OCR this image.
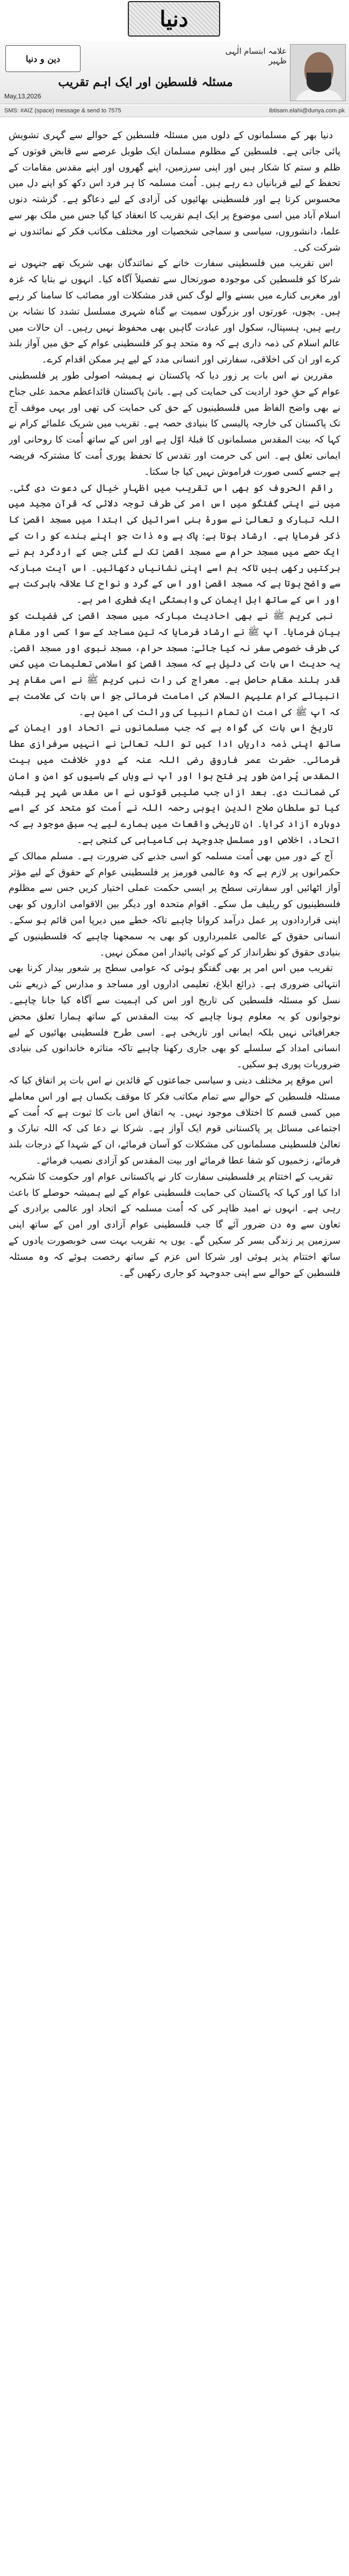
دنیا
علامہ ابتسام الٰہی ظہیر
دین و دنیا
مسئلہ فلسطین اور ایک اہم تقریب
May,13,2026
SMS: #AIZ (space) message & send to 7575	ibtisam.elahi@dunya.com.pk

دنیا بھر کے مسلمانوں کے دلوں میں مسئلہ فلسطین کے حوالے سے گہری تشویش پائی جاتی ہے۔ فلسطین کے مظلوم مسلمان ایک طویل عرصے سے قابض قوتوں کے ظلم و ستم کا شکار ہیں اور اپنی سرزمین، اپنے گھروں اور اپنے مقدس مقامات کے تحفظ کے لیے قربانیاں دے رہے ہیں۔ اُمت مسلمہ کا ہر فرد اس دکھ کو اپنے دل میں محسوس کرتا ہے اور فلسطینی بھائیوں کی آزادی کے لیے دعاگو ہے۔ گزشتہ دنوں اسلام آباد میں اسی موضوع پر ایک اہم تقریب کا انعقاد کیا گیا جس میں ملک بھر سے علما، دانشوروں، سیاسی و سماجی شخصیات اور مختلف مکاتب فکر کے نمائندوں نے شرکت کی۔

اس تقریب میں فلسطینی سفارت خانے کے نمائندگان بھی شریک تھے جنہوں نے شرکا کو فلسطین کی موجودہ صورتحال سے تفصیلاً آگاہ کیا۔ انہوں نے بتایا کہ غزہ اور مغربی کنارے میں بسنے والے لوگ کس قدر مشکلات اور مصائب کا سامنا کر رہے ہیں۔ بچوں، عورتوں اور بزرگوں سمیت بے گناہ شہری مسلسل تشدد کا نشانہ بن رہے ہیں، ہسپتال، سکول اور عبادت گاہیں بھی محفوظ نہیں رہیں۔ ان حالات میں عالم اسلام کی ذمہ داری ہے کہ وہ متحد ہو کر فلسطینی عوام کے حق میں آواز بلند کرے اور ان کی اخلاقی، سفارتی اور انسانی مدد کے لیے ہر ممکن اقدام کرے۔

مقررین نے اس بات پر زور دیا کہ پاکستان نے ہمیشہ اصولی طور پر فلسطینی عوام کے حقِ خود ارادیت کی حمایت کی ہے۔ بانیٔ پاکستان قائداعظم محمد علی جناح نے بھی واضح الفاظ میں فلسطینیوں کے حق کی حمایت کی تھی اور یہی موقف آج تک پاکستان کی خارجہ پالیسی کا بنیادی حصہ ہے۔ تقریب میں شریک علمائے کرام نے کہا کہ بیت المقدس مسلمانوں کا قبلۂ اوّل ہے اور اس کے ساتھ اُمت کا روحانی اور ایمانی تعلق ہے۔ اس کی حرمت اور تقدس کا تحفظ پوری اُمت کا مشترکہ فریضہ ہے جسے کسی صورت فراموش نہیں کیا جا سکتا۔

راقم الحروف کو بھی اس تقریب میں اظہارِ خیال کی دعوت دی گئی۔ میں نے اپنی گفتگو میں اس امر کی طرف توجہ دلائی کہ قرآن مجید میں اللہ تبارک و تعالیٰ نے سورۂ بنی اسرائیل کی ابتدا میں مسجد اقصیٰ کا ذکر فرمایا ہے۔ ارشاد ہوتا ہے: پاک ہے وہ ذات جو اپنے بندے کو رات کے ایک حصے میں مسجد حرام سے مسجد اقصیٰ تک لے گئی جس کے اردگرد ہم نے برکتیں رکھی ہیں تاکہ ہم اسے اپنی نشانیاں دکھائیں۔ اس آیت مبارکہ سے واضح ہوتا ہے کہ مسجد اقصیٰ اور اس کے گرد و نواح کا علاقہ بابرکت ہے اور اس کے ساتھ اہل ایمان کی وابستگی ایک فطری امر ہے۔

نبی کریم ﷺ نے بھی احادیث مبارکہ میں مسجد اقصیٰ کی فضیلت کو بیان فرمایا۔ آپ ﷺ نے ارشاد فرمایا کہ تین مساجد کے سوا کسی اور مقام کی طرف خصوصی سفر نہ کیا جائے: مسجد حرام، مسجد نبوی اور مسجد اقصیٰ۔ یہ حدیث اس بات کی دلیل ہے کہ مسجد اقصیٰ کو اسلامی تعلیمات میں کس قدر بلند مقام حاصل ہے۔ معراج کی رات نبی کریم ﷺ نے اسی مقام پر انبیائے کرام علیہم السلام کی امامت فرمائی جو اس بات کی علامت ہے کہ آپ ﷺ کی امت ان تمام انبیا کی وراثت کی امین ہے۔

تاریخ اس بات کی گواہ ہے کہ جب مسلمانوں نے اتحاد اور ایمان کے ساتھ اپنی ذمہ داریاں ادا کیں تو اللہ تعالیٰ نے انہیں سرفرازی عطا فرمائی۔ حضرت عمر فاروق رضی اللہ عنہ کے دورِ خلافت میں بیت المقدس پُرامن طور پر فتح ہوا اور آپ نے وہاں کے باسیوں کو امن و امان کی ضمانت دی۔ بعد ازاں جب صلیبی قوتوں نے اس مقدس شہر پر قبضہ کیا تو سلطان صلاح الدین ایوبی رحمہ اللہ نے اُمت کو متحد کر کے اسے دوبارہ آزاد کرایا۔ ان تاریخی واقعات میں ہمارے لیے یہ سبق موجود ہے کہ اتحاد، اخلاص اور مسلسل جدوجہد ہی کامیابی کی کنجی ہے۔

آج کے دور میں بھی اُمت مسلمہ کو اسی جذبے کی ضرورت ہے۔ مسلم ممالک کے حکمرانوں پر لازم ہے کہ وہ عالمی فورمز پر فلسطینی عوام کے حقوق کے لیے مؤثر آواز اٹھائیں اور سفارتی سطح پر ایسی حکمت عملی اختیار کریں جس سے مظلوم فلسطینیوں کو ریلیف مل سکے۔ اقوام متحدہ اور دیگر بین الاقوامی اداروں کو بھی اپنی قراردادوں پر عمل درآمد کروانا چاہیے تاکہ خطے میں دیرپا امن قائم ہو سکے۔ انسانی حقوق کے عالمی علمبرداروں کو بھی یہ سمجھنا چاہیے کہ فلسطینیوں کے بنیادی حقوق کو نظرانداز کر کے کوئی پائیدار امن ممکن نہیں۔

تقریب میں اس امر پر بھی گفتگو ہوئی کہ عوامی سطح پر شعور بیدار کرنا بھی انتہائی ضروری ہے۔ ذرائع ابلاغ، تعلیمی اداروں اور مساجد و مدارس کے ذریعے نئی نسل کو مسئلہ فلسطین کی تاریخ اور اس کی اہمیت سے آگاہ کیا جانا چاہیے۔ نوجوانوں کو یہ معلوم ہونا چاہیے کہ بیت المقدس کے ساتھ ہمارا تعلق محض جغرافیائی نہیں بلکہ ایمانی اور تاریخی ہے۔ اسی طرح فلسطینی بھائیوں کے لیے انسانی امداد کے سلسلے کو بھی جاری رکھنا چاہیے تاکہ متاثرہ خاندانوں کی بنیادی ضروریات پوری ہو سکیں۔

اس موقع پر مختلف دینی و سیاسی جماعتوں کے قائدین نے اس بات پر اتفاق کیا کہ مسئلہ فلسطین کے حوالے سے تمام مکاتب فکر کا موقف یکساں ہے اور اس معاملے میں کسی قسم کا اختلاف موجود نہیں۔ یہ اتفاق اس بات کا ثبوت ہے کہ اُمت کے اجتماعی مسائل پر پاکستانی قوم ایک آواز ہے۔ شرکا نے دعا کی کہ اللہ تبارک و تعالیٰ فلسطینی مسلمانوں کی مشکلات کو آسان فرمائے، ان کے شہدا کے درجات بلند فرمائے، زخمیوں کو شفا عطا فرمائے اور بیت المقدس کو آزادی نصیب فرمائے۔

تقریب کے اختتام پر فلسطینی سفارت کار نے پاکستانی عوام اور حکومت کا شکریہ ادا کیا اور کہا کہ پاکستان کی حمایت فلسطینی عوام کے لیے ہمیشہ حوصلے کا باعث رہی ہے۔ انہوں نے امید ظاہر کی کہ اُمت مسلمہ کے اتحاد اور عالمی برادری کے تعاون سے وہ دن ضرور آئے گا جب فلسطینی عوام آزادی اور امن کے ساتھ اپنی سرزمین پر زندگی بسر کر سکیں گے۔ یوں یہ تقریب بہت سی خوبصورت یادوں کے ساتھ اختتام پذیر ہوئی اور شرکا اس عزم کے ساتھ رخصت ہوئے کہ وہ مسئلہ فلسطین کے حوالے سے اپنی جدوجہد کو جاری رکھیں گے۔
